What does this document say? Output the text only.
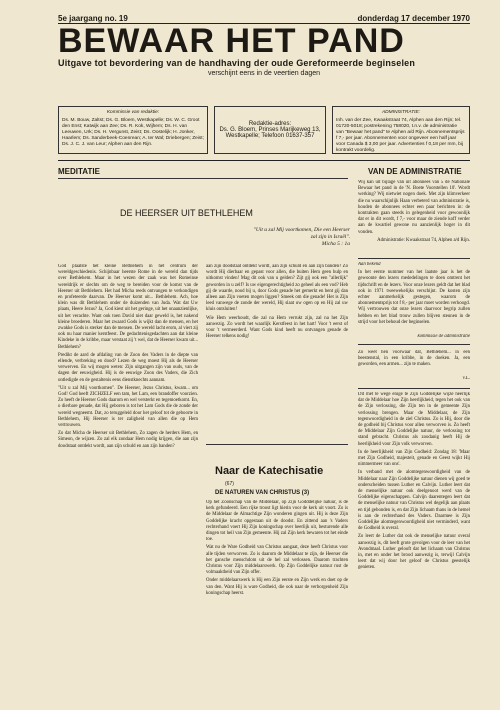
5e jaargang no. 19	donderdag 17 december 1970
BEWAAR HET PAND
Uitgave tot bevordering van de handhaving der oude Gereformeerde beginselen
verschijnt eens in de veertien dagen
Kommissie van redaktie:
Ds. M. Bouw, Zaltst; Ds. G. Bloem, Westkapelle; Ds. W. C. Groot den Enst; Katwijk aan Zee; Ds. R. Kok, Wijhem; Ds. H. van Leeuwen, Urk; Ds. H. Vergunst, Zeist; Ds. Oostelijk; H. Jonker, Haarlem; Ds. Sanderbeek-Coenrean; A. ter Wal; Driebergen; Zeist; Ds. J. C. J. van Leur; Alphen aan den Rijn.
Redaktie-adres:
Ds. G. Bloem, Prinses Marijkeweg 13,
Westkapelle; Telefoon 01637-357
ADMINISTRATIE:
Inh. van der Zee, Kwaakstraat 74, Alphen aan den Rijn; tel. 01720-5018; postrekening 758020, t.n.v. de administratie van "Bewaar het pand" te Alphen a/d Rijn. Abonnementsprijs f 7,- per jaar. Abonnementen voor ongeveer een half jaar voor Canada $ 3,00 per jaar. Advertenties f 0,18 per mm, bij kontrakt voordelig.
MEDITATIE	VAN DE ADMINISTRATIE
DE HEERSER UIT BETHLEHEM
"Uit u zal Mij voortkomen, Die een Heerser zal zijn in Israël".
Micha 5 : 1a

God plaatste het kleine Bethlehem in het centrum der wereldgeschiedenis. Schijnbaar heerste Rome in de wereld dan tijds over Bethlehem. Maar in het wezen der zaak was het Romeinse wereldrijk er slechts om de weg te bereiden voor de komst van de Heerser uit Bethlehem. Het had Micha reeds ontvangen te verkondigen en profeteerde daarvan. De Heerser komt uit... Bethlehem. Ach, hoe klein was dit Bethlehem onder de duizenden van Juda. Wat dat Uw plaats, Heere Jezus? Ja, God kiest uit het geringe, uit het onaanzienlijke, uit het verachte. Want ook toen David niet daar geweld is, het nakend kleine broederen. Maar het zwaard Gods is wijkt dan de mensen, en het zwakke Gods is sterker dan de mensen. De wereld lacht erom, al viert zij ook nu haar manier kerstfeest. De gedachtenisgedachten aan dat kleine Kindeke in de kribbe, maar verstaat zij 't wel, dat de Heerser kwam uit... Bethlehem?

Predikt de aard de afdaling van de Zoon des Vaders in de diepte van ellende, verbreking en dood? Lezen de weg moest Hij als de Heerser verwerven. En wij mogen weten: Zijn uitgangen zijn van ouds, van de dagen der eeuwigheid. Hij is de eeuwige Zoon des Vaders, die Zich ontledigde en de gestaltenis eens dienstknechts aannam.

"Uit u zal Mij voortkomen". De Heerser, Jezus Christus, kwam... om God! God heeft ZICHZELF een tam, het Lam, een brandoffer voorzien. Zo heeft de Heerser Gods daarom en wel versterkt en tegemoetkomt. En, o dierbare genade, dat Hij geboren is tot het Lam Gods die de zonde der wereld wegneemt. Dat, zo teruggeleid door het geloof tot de geboorte in Bethlehem, Hij Heerser is ter zaligheid van allen die op Hem vertrouwen.

Zo dat Micha de Heerser uit Bethlehem, Zo zagen de herders Hem, en Simeon, de wijzen. Zo zal elk zondaar Hem nodig krijgen, die aan zijn doodstaat ontdekt wordt, aan zijn schuld en aan zijn banden?

aan zijn doodstaat ontdekt wordt, aan zijn schuld en aan zijn banden? Zo wordt Hij dierbaar en gepast voor allen, die buiten Hem geen hulp en uitkomst vinden! Mag dit ook van u gelden? Zijt gij ook een "allerlijk" geworden in u zelf? Is uw eigengerechtigheid zo geheel als een vod? Heb gij de waarde, nood bij u, door Gods genade het gemerkt en bent gij dan alleen aan Zijn voeten mogen liggen? Smeek om die genade! Het is Zijn leed vanwege de zonde der wereld, Hij slaat uw ogen op en Hij zal uw kluis ontsluiten!

Wie Hem weerhoudt, die zal na Hem verrukt zijn, zal na het Zijn aanwezig. Zo wordt het waarlijk Kerstfeest in het hart! Voor 't eerst of voor 't vermeerderd. Want Gods kind heeft nu ontvangen genade de Heerser telkens nodig!

Naar de Katechisatie
(67)
DE NATUREN VAN CHRISTUS (3)

Op het Zoonschap van de Middelaar, op Zijn Godddelijke natuur, is de kerk gefundeerd. Een rijke troost ligt hierin voor de kerk uit voort. Zo is de Middelaar de Almachtige Zijn wonderen gingen uit. Hij is deze Zijn Goddelijke kracht opgestaan uit de doodst. En zittend aan 's Vaders rechterhand voert Hij Zijn koningschap over heerlijk uit, besturende alle dingen tot heil van Zijn gemeente. Hij zal Zijn kerk bewaren tot het einde toe.

Wat nu de Ware Godheid van Christus aangaat, deze heeft Christus voor alle tijden verworven. Zo is daarom de Middelaar te zijn, de Heerser die het gansche menschdom uit de hel zal verlossen. Daarom trachten Christus voor Zijn middelaarswerk. Op Zijn Goddelijke natuur rust de volmaaktheid van Zijn offer.

Onder middelaarswerk is Hij een Zijn eerste en Zijn werk en doet op de van den. Want Hij is ware Godheid, die ook naar de verborgenheid Zijn koningschap heerst.

Wij kan uit bijlage van uit abonnees van 5 de Nationale Bewaar het pand in de 'N. Boete Voorstellen 10'. Wordt werking? Wij nietwiet nogen doek. Met zijn klimverkeer die nu waarschijnlijk Haan verbeterd van administratie is, houden de abonnees echter een paar berichten in: de kontrakten gaan steeds in gelegenheid voor gewoonlijk dat er in dit wordt, f 7,- voor maar de ziende koff verder aan de kwartiel gewone nu aanzienlijk hoger in dit vonden.

Administratie: Kwaakstraat 74, Alphen a/d Rijn.

Aan bekend

In het eerste nummer van het laatste jaar is het de gewoonte den lezers mededelingen te doen omtrent het tijdschrift en de lezers. Voor onze lezers geldt dat het blad ook in 1971 tweewekelijks verschijnt. De kosten zijn echter aanmerkelijk gestegen, waarom de abonnementsprijs tot f 8,- per jaar moet worden verhoogd. Wij vertrouwen dat onze lezers daarvoor begrip zullen hebben en het blad trouw zullen blijven steunen in de strijd voor het behoud der beginselen.

kommissie de administratie

Zo weet hen voorwaar dat, Bethlehem... in een beestenstal, in een kribbe, in de doeken. Ja, een geworden, een armen... zijn te maken.

v.L.

Dit met te wege enige te Zijn Goddelijke wijze heerlijk dat de Middelaar hoe Zijn heerlijkheid, tegen het ook van de Zijn verlossing, die Zijn ten in de gemeente Zijn verlossing brengen. Maar de Middelaar, de Zijn tegenwoordigheid in de ziel Christus. Zo is Hij, door die de godheid bij Christus voor allen verworven is. Zo heeft de Middelaar Zijn Goddelijke natuur, de verlossing tot stand gebracht. Christus als zoodanig heeft Hij de heerlijkheid voor Zijn volk verworven.

In de heerlijkheid van Zijn Godheid: Zondag 18: 'Maar met Zijn Godheid, majesteit, genade en Geest wijkt Hij nimmermeer van ons'.

In verband met de alomtegenwoordigheid van de Middelaar naar Zijn Goddelijke natuur dienen wij goed te onderscheiden tussen Luther en Calvijn. Luther leert dat de menselijke natuur ook deelgenoot werd van de Goddelijke eigenschappen. Calvijn daarentegen leert dat de menselijke natuur van Christus wel degelijk aan plaats en tijd gebonden is, en dat Zijn lichaam thans in de hemel is aan de rechterhand des Vaders. Daarmee is Zijn Goddelijke alomtegenwoordigheid niet verminderd, want de Godheid is overal.

Zo leert de Luther dat ook de menselijke natuur overal aanwezig is, dit heeft grote gevolgen voor de leer van het Avondmaal. Luther gelooft dat het lichaam van Christus in, met en onder het brood aanwezig is, terwijl Calvijn leert dat wij door het geloof de Christus geestelijk genieten.
